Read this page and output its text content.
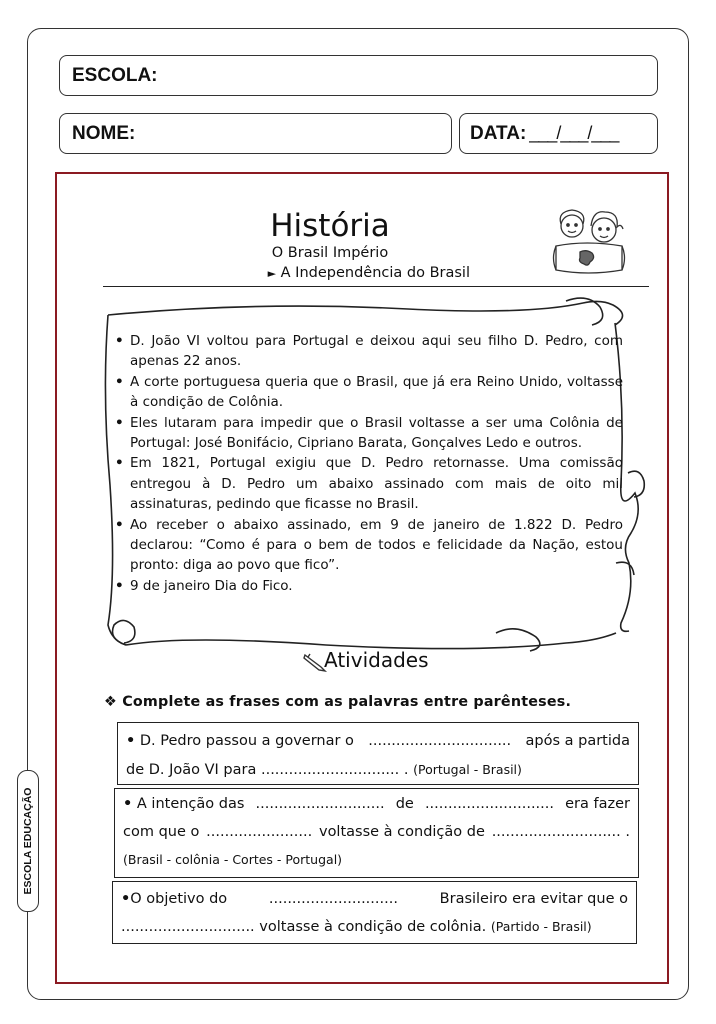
ESCOLA:
NOME:	DATA: ___/___/___
ESCOLA EDUCAÇÃO
História
O Brasil Império
► A Independência do Brasil
• D. João VI voltou para Portugal e deixou aqui seu filho D. Pedro, com apenas 22 anos.
• A corte portuguesa queria que o Brasil, que já era Reino Unido, voltasse à condição de Colônia.
• Eles lutaram para impedir que o Brasil voltasse a ser uma Colônia de Portugal: José Bonifácio, Cipriano Barata, Gonçalves Ledo e outros.
• Em 1821, Portugal exigiu que D. Pedro retornasse. Uma comissão entregou à D. Pedro um abaixo assinado com mais de oito mil assinaturas, pedindo que ficasse no Brasil.
• Ao receber o abaixo assinado, em 9 de janeiro de 1.822 D. Pedro declarou: “Como é para o bem de todos e felicidade da Nação, estou pronto: diga ao povo que fico”.
• 9 de janeiro Dia do Fico.
Atividades
❖ Complete as frases com as palavras entre parênteses.
• D. Pedro passou a governar o ............................... após a partida
de D. João VI para .............................. . (Portugal - Brasil)
• A intenção das ............................ de ............................ era fazer
com que o ....................... voltasse à condição de ............................ .
(Brasil - colônia - Cortes - Portugal)
•O objetivo do	............................	Brasileiro era evitar que o
............................. voltasse à condição de colônia. (Partido - Brasil)
